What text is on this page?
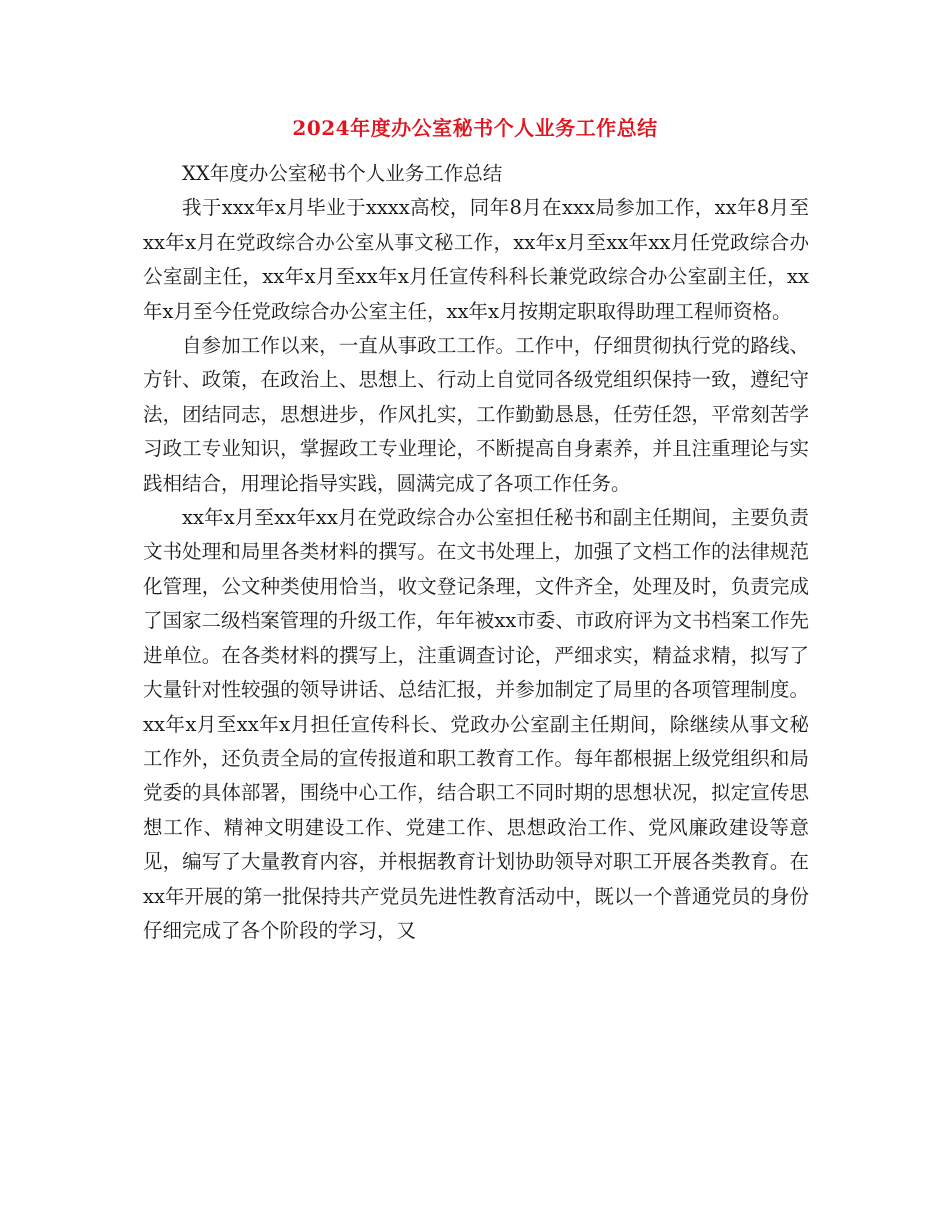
2024年度办公室秘书个人业务工作总结

XX年度办公室秘书个人业务工作总结

我于xxx年x月毕业于xxxx高校，同年8月在xxx局参加工作，xx年8月至xx年x月在党政综合办公室从事文秘工作，xx年x月至xx年xx月任党政综合办公室副主任，xx年x月至xx年x月任宣传科科长兼党政综合办公室副主任，xx年x月至今任党政综合办公室主任，xx年x月按期定职取得助理工程师资格。

自参加工作以来，一直从事政工工作。工作中，仔细贯彻执行党的路线、方针、政策，在政治上、思想上、行动上自觉同各级党组织保持一致，遵纪守法，团结同志，思想进步，作风扎实，工作勤勤恳恳，任劳任怨，平常刻苦学习政工专业知识，掌握政工专业理论，不断提高自身素养，并且注重理论与实践相结合，用理论指导实践，圆满完成了各项工作任务。

xx年x月至xx年xx月在党政综合办公室担任秘书和副主任期间，主要负责文书处理和局里各类材料的撰写。在文书处理上，加强了文档工作的法律规范化管理，公文种类使用恰当，收文登记条理，文件齐全，处理及时，负责完成了国家二级档案管理的升级工作，年年被xx市委、市政府评为文书档案工作先进单位。在各类材料的撰写上，注重调查讨论，严细求实，精益求精，拟写了大量针对性较强的领导讲话、总结汇报，并参加制定了局里的各项管理制度。xx年x月至xx年x月担任宣传科长、党政办公室副主任期间，除继续从事文秘工作外，还负责全局的宣传报道和职工教育工作。每年都根据上级党组织和局党委的具体部署，围绕中心工作，结合职工不同时期的思想状况，拟定宣传思想工作、精神文明建设工作、党建工作、思想政治工作、党风廉政建设等意见，编写了大量教育内容，并根据教育计划协助领导对职工开展各类教育。在xx年开展的第一批保持共产党员先进性教育活动中，既以一个普通党员的身份仔细完成了各个阶段的学习，又
